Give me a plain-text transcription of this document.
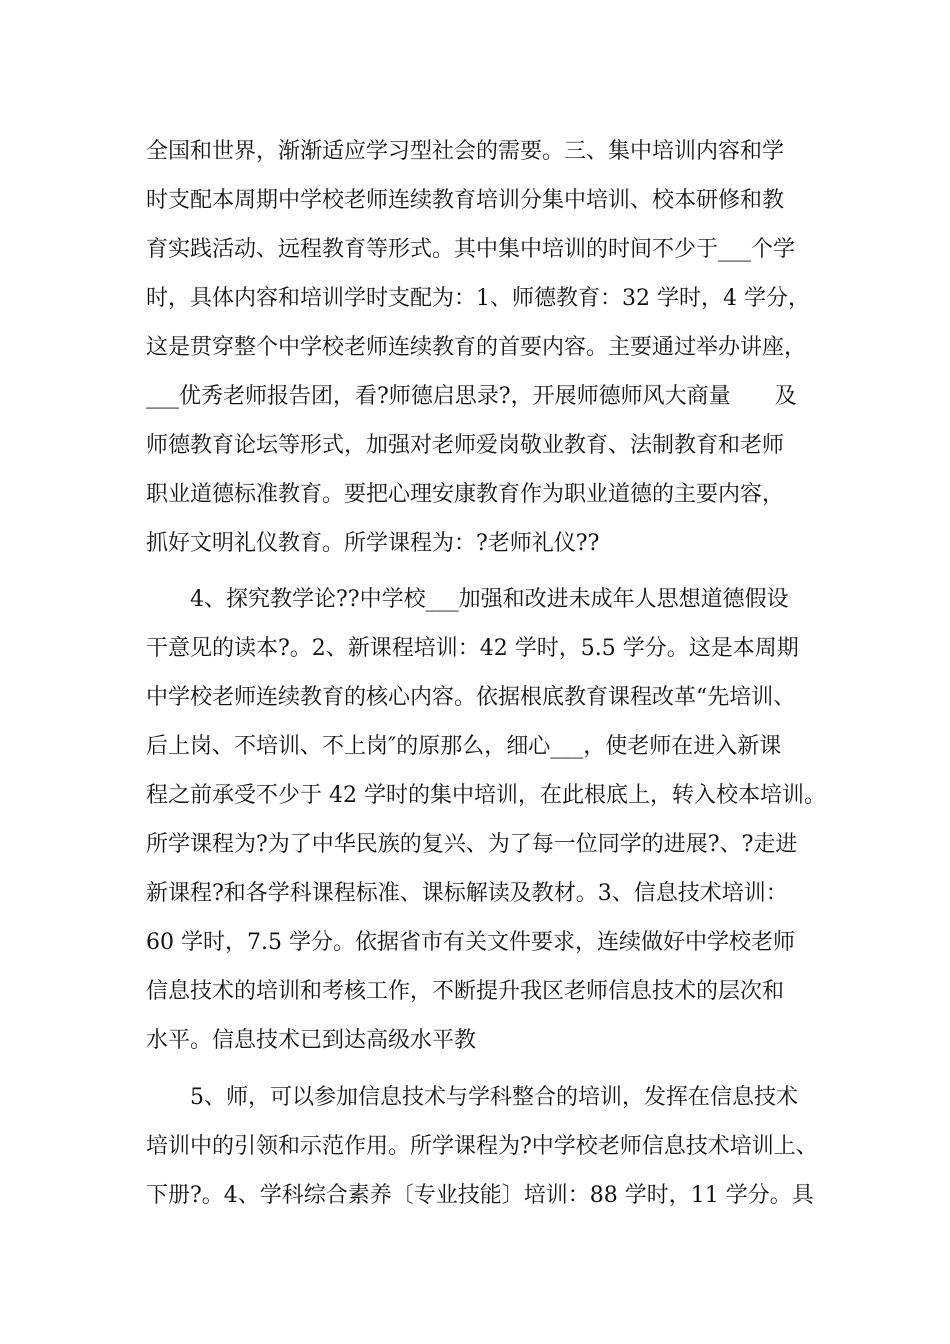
全国和世界，渐渐适应学习型社会的需要。三、集中培训内容和学
时支配本周期中学校老师连续教育培训分集中培训、校本研修和教
育实践活动、远程教育等形式。其中集中培训的时间不少于___个学
时，具体内容和培训学时支配为：1、师德教育：32 学时，4 学分，
这是贯穿整个中学校老师连续教育的首要内容。主要通过举办讲座，
___优秀老师报告团，看?师德启思录?，开展师德师风大商量　　及
师德教育论坛等形式，加强对老师爱岗敬业教育、法制教育和老师
职业道德标准教育。要把心理安康教育作为职业道德的主要内容，
抓好文明礼仪教育。所学课程为：?老师礼仪??
　　4、探究教学论??中学校___加强和改进未成年人思想道德假设
干意见的读本?。2、新课程培训：42 学时，5.5 学分。这是本周期
中学校老师连续教育的核心内容。依据根底教育课程改革“先培训、
后上岗、不培训、不上岗″的原那么，细心___，使老师在进入新课
程之前承受不少于 42 学时的集中培训，在此根底上，转入校本培训。
所学课程为?为了中华民族的复兴、为了每一位同学的进展?、?走进
新课程?和各学科课程标准、课标解读及教材。3、信息技术培训：
60 学时，7.5 学分。依据省市有关文件要求，连续做好中学校老师
信息技术的培训和考核工作，不断提升我区老师信息技术的层次和
水平。信息技术已到达高级水平教
　　5、师，可以参加信息技术与学科整合的培训，发挥在信息技术
培训中的引领和示范作用。所学课程为?中学校老师信息技术培训上、
下册?。4、学科综合素养〔专业技能〕培训：88 学时，11 学分。具
